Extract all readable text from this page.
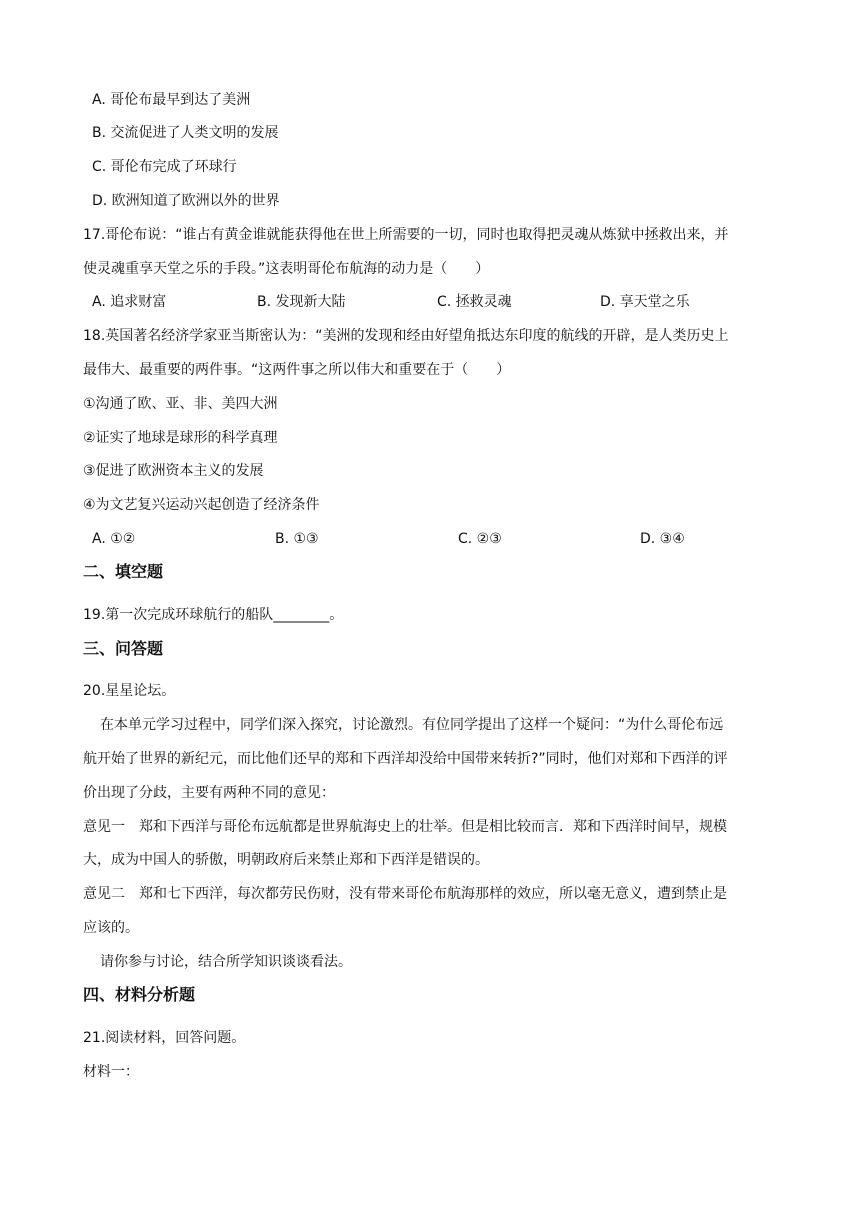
A. 哥伦布最早到达了美洲
B. 交流促进了人类文明的发展
C. 哥伦布完成了环球行
D. 欧洲知道了欧洲以外的世界
17.哥伦布说：“谁占有黄金谁就能获得他在世上所需要的一切，同时也取得把灵魂从炼狱中拯救出来，并
使灵魂重享天堂之乐的手段。”这表明哥伦布航海的动力是（　　）
A. 追求财富	B. 发现新大陆	C. 拯救灵魂	D. 享天堂之乐
18.英国著名经济学家亚当斯密认为：“美洲的发现和经由好望角抵达东印度的航线的开辟，是人类历史上
最伟大、最重要的两件事。“这两件事之所以伟大和重要在于（　　）
①沟通了欧、亚、非、美四大洲
②证实了地球是球形的科学真理
③促进了欧洲资本主义的发展
④为文艺复兴运动兴起创造了经济条件
A. ①②	B. ①③	C. ②③	D. ③④
二、填空题
19.第一次完成环球航行的船队________。
三、问答题
20.星星论坛。
在本单元学习过程中，同学们深入探究，讨论激烈。有位同学提出了这样一个疑问：“为什么哥伦布远
航开始了世界的新纪元，而比他们还早的郑和下西洋却没给中国带来转折?”同时，他们对郑和下西洋的评
价出现了分歧，主要有两种不同的意见：
意见一　郑和下西洋与哥伦布远航都是世界航海史上的壮举。但是相比较而言．郑和下西洋时间早，规模
大，成为中国人的骄傲，明朝政府后来禁止郑和下西洋是错误的。
意见二　郑和七下西洋，每次都劳民伤财，没有带来哥伦布航海那样的效应，所以毫无意义，遭到禁止是
应该的。
请你参与讨论，结合所学知识谈谈看法。
四、材料分析题
21.阅读材料，回答问题。
材料一：
